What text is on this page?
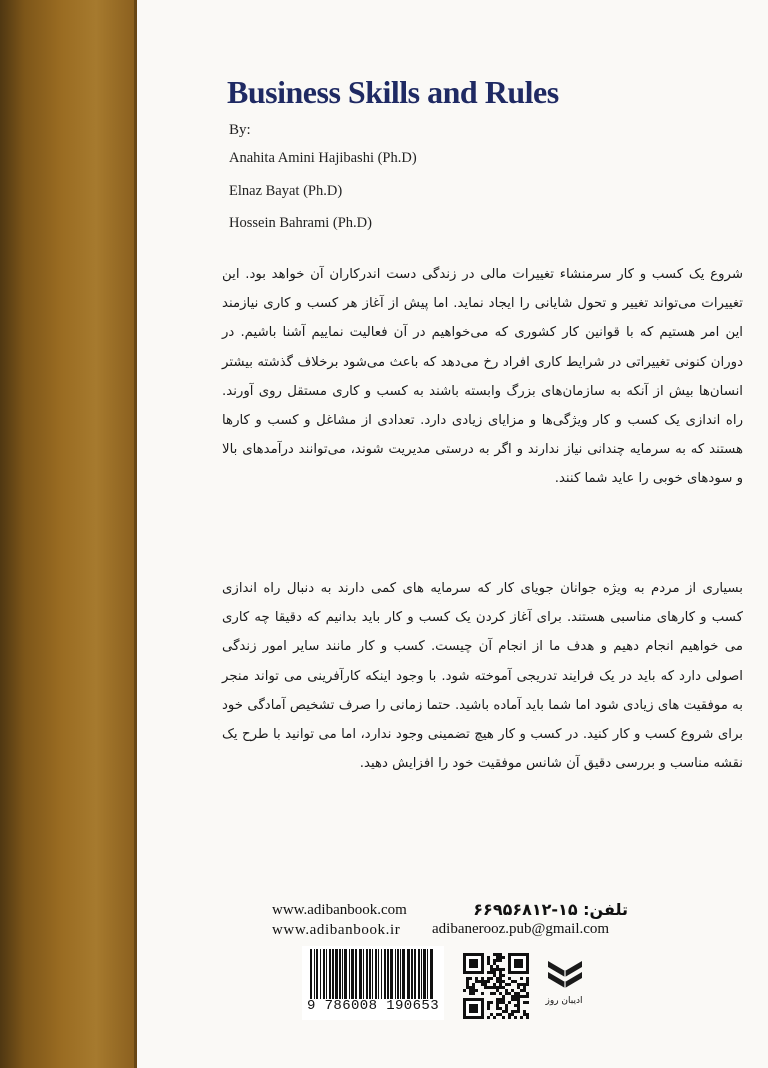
Business Skills and Rules
By:
Anahita Amini Hajibashi (Ph.D)
Elnaz Bayat (Ph.D)
Hossein Bahrami (Ph.D)

شروع یک کسب و کار سرمنشاء تغییرات مالی در زندگی دست اندرکاران آن خواهد بود. این تغییرات می‌تواند تغییر و تحول شایانی را ایجاد نماید. اما پیش از آغاز هر کسب و کاری نیازمند این امر هستیم که با قوانین کار کشوری که می‌خواهیم در آن فعالیت نماییم آشنا باشیم. در دوران کنونی تغییراتی در شرایط کاری افراد رخ می‌دهد که باعث می‌شود برخلاف گذشته بیشتر انسان‌ها بیش از آنکه به سازمان‌های بزرگ وابسته باشند به کسب و کاری مستقل روی آورند. راه اندازی یک کسب و کار ویژگی‌ها و مزایای زیادی دارد. تعدادی از مشاغل و کسب و کارها هستند که به سرمایه چندانی نیاز ندارند و اگر به درستی مدیریت شوند، می‌توانند درآمدهای بالا و سودهای خوبی را عاید شما کنند.

بسیاری از مردم به ویژه جوانان جویای کار که سرمایه های کمی دارند به دنبال راه اندازی کسب و کارهای مناسبی هستند. برای آغاز کردن یک کسب و کار باید بدانیم که دقیقا چه کاری می خواهیم انجام دهیم و هدف ما از انجام آن چیست. کسب و کار مانند سایر امور زندگی اصولی دارد که باید در یک فرایند تدریجی آموخته شود. با وجود اینکه کارآفرینی می تواند منجر به موفقیت های زیادی شود اما شما باید آماده باشید. حتما زمانی را صرف تشخیص آمادگی خود برای شروع کسب و کار کنید. در کسب و کار هیچ تضمینی وجود ندارد، اما می توانید با طرح یک نقشه مناسب و بررسی دقیق آن شانس موفقیت خود را افزایش دهید.

www.adibanbook.com
www.adibanbook.ir
تلفن: ۱۵-۶۶۹۵۶۸۱۲
adibanerooz.pub@gmail.com
9 786008 190653	ادیبان روز
